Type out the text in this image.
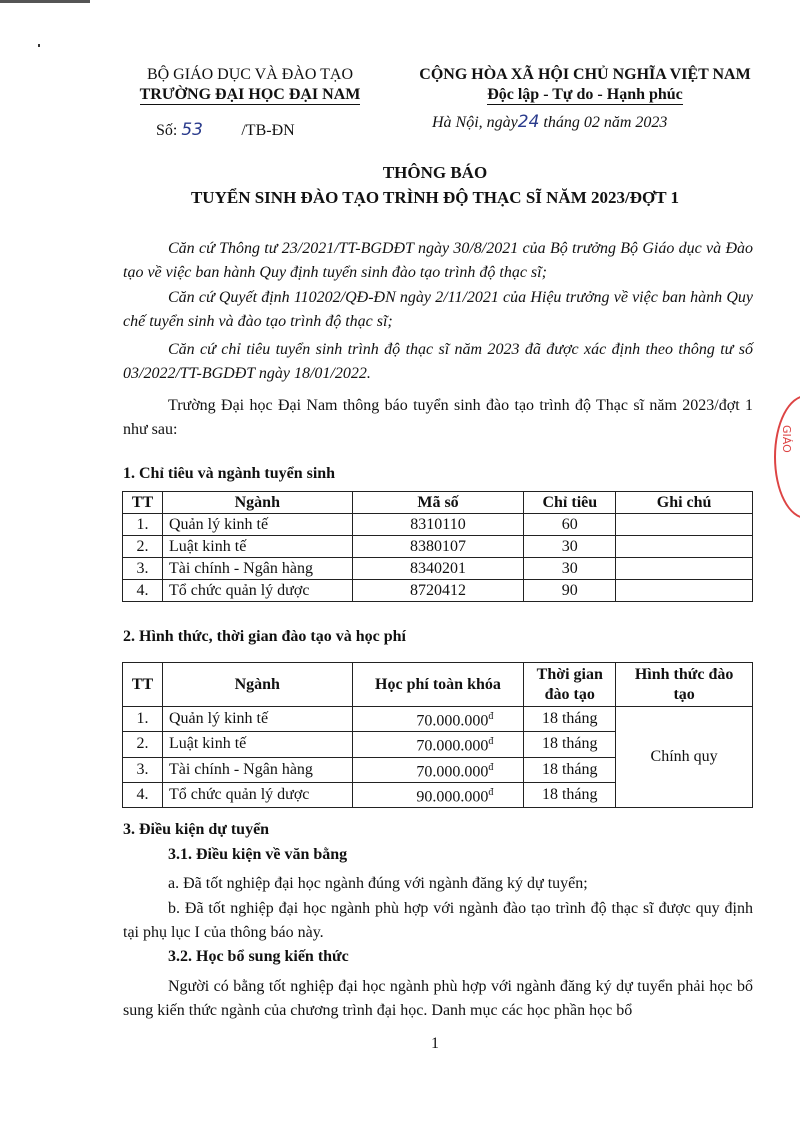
BỘ GIÁO DỤC VÀ ĐÀO TẠO
TRƯỜNG ĐẠI HỌC ĐẠI NAM
Số: 53 /TB-ĐN
CỘNG HÒA XÃ HỘI CHỦ NGHĨA VIỆT NAM
Độc lập - Tự do - Hạnh phúc
Hà Nội, ngày24 tháng 02 năm 2023
THÔNG BÁO
TUYỂN SINH ĐÀO TẠO TRÌNH ĐỘ THẠC SĨ NĂM 2023/ĐỢT 1

Căn cứ Thông tư 23/2021/TT-BGDĐT ngày 30/8/2021 của Bộ trưởng Bộ Giáo dục và Đào tạo về việc ban hành Quy định tuyển sinh đào tạo trình độ thạc sĩ;

Căn cứ Quyết định 110202/QĐ-ĐN ngày 2/11/2021 của Hiệu trưởng về việc ban hành Quy chế tuyển sinh và đào tạo trình độ thạc sĩ;

Căn cứ chỉ tiêu tuyển sinh trình độ thạc sĩ năm 2023 đã được xác định theo thông tư số 03/2022/TT-BGDĐT ngày 18/01/2022.

Trường Đại học Đại Nam thông báo tuyển sinh đào tạo trình độ Thạc sĩ năm 2023/đợt 1 như sau:

1. Chỉ tiêu và ngành tuyển sinh
TT	Ngành	Mã số	Chỉ tiêu	Ghi chú
1.	Quản lý kinh tế	8310110	60	
2.	Luật kinh tế	8380107	30	
3.	Tài chính - Ngân hàng	8340201	30	
4.	Tổ chức quản lý dược	8720412	90	
2. Hình thức, thời gian đào tạo và học phí
TT	Ngành	Học phí toàn khóa	Thời gian đào tạo	Hình thức đào tạo
1.	Quản lý kinh tế	$70.000.000^đ$	18 tháng	Chính quy
2.	Luật kinh tế	$70.000.000^đ$	18 tháng	
3.	Tài chính - Ngân hàng	$70.000.000^đ$	18 tháng	
4.	Tổ chức quản lý dược	$90.000.000^đ$	18 tháng	
3. Điều kiện dự tuyển
3.1. Điều kiện về văn bằng

a. Đã tốt nghiệp đại học ngành đúng với ngành đăng ký dự tuyển;

b. Đã tốt nghiệp đại học ngành phù hợp với ngành đào tạo trình độ thạc sĩ được quy định tại phụ lục I của thông báo này.

3.2. Học bổ sung kiến thức

Người có bằng tốt nghiệp đại học ngành phù hợp với ngành đăng ký dự tuyển phải học bổ sung kiến thức ngành của chương trình đại học. Danh mục các học phần học bổ

1
GIÁO
